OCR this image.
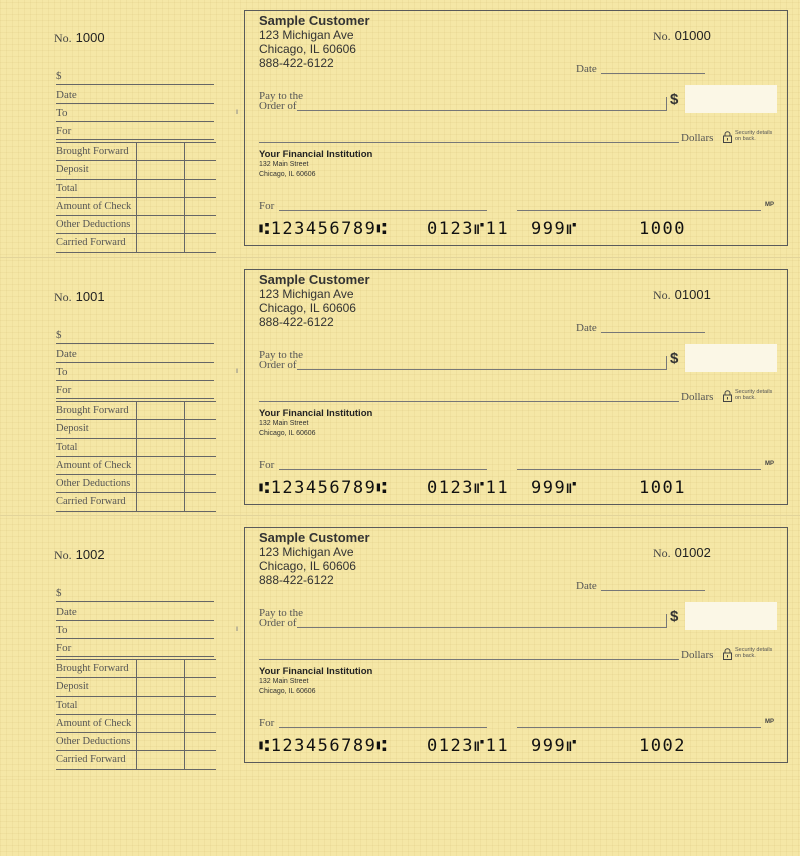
No. 1000
$
Date
To
For
Brought Forward
Deposit
Total
Amount of Check
Other Deductions
Carried Forward
‖
Sample Customer
123 Michigan Ave
Chicago, IL 60606
888-422-6122
No. 01000
Date
Pay to the
Order of	$
Dollars	Security details
on back.
Your Financial Institution
132 Main Street
Chicago, IL 60606
For	MP

⑆123456789⑆

0123⑈11

999⑈

	1000

No. 1001
$
Date
To
For
Brought Forward
Deposit
Total
Amount of Check
Other Deductions
Carried Forward
‖
Sample Customer
123 Michigan Ave
Chicago, IL 60606
888-422-6122
No. 01001
Date
Pay to the
Order of	$
Dollars	Security details
on back.
Your Financial Institution
132 Main Street
Chicago, IL 60606
For	MP

⑆123456789⑆

0123⑈11

999⑈

	1001

No. 1002
$
Date
To
For
Brought Forward
Deposit
Total
Amount of Check
Other Deductions
Carried Forward
‖
Sample Customer
123 Michigan Ave
Chicago, IL 60606
888-422-6122
No. 01002
Date
Pay to the
Order of	$
Dollars	Security details
on back.
Your Financial Institution
132 Main Street
Chicago, IL 60606
For	MP

⑆123456789⑆

0123⑈11

999⑈

	1002
